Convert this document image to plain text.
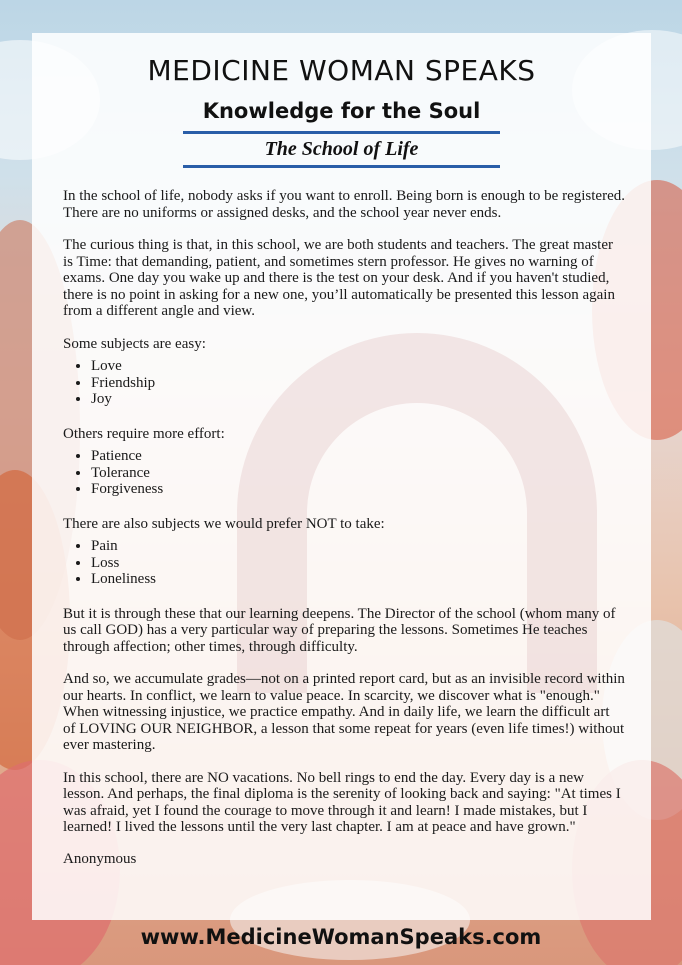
MEDICINE WOMAN SPEAKS
Knowledge for the Soul
The School of Life

In the school of life, nobody asks if you want to enroll. Being born is enough to be registered. There are no uniforms or assigned desks, and the school year never ends.

The curious thing is that, in this school, we are both students and teachers. The great master is Time: that demanding, patient, and sometimes stern professor. He gives no warning of exams. One day you wake up and there is the test on your desk. And if you haven't studied, there is no point in asking for a new one, you’ll automatically be presented this lesson again from a different angle and view.

Some subjects are easy:

• Love
• Friendship
• Joy

Others require more effort:

• Patience
• Tolerance
• Forgiveness

There are also subjects we would prefer NOT to take:

• Pain
• Loss
• Loneliness

But it is through these that our learning deepens. The Director of the school (whom many of us call GOD) has a very particular way of preparing the lessons. Sometimes He teaches through affection; other times, through difficulty.

And so, we accumulate grades—not on a printed report card, but as an invisible record within our hearts. In conflict, we learn to value peace. In scarcity, we discover what is "enough." When witnessing injustice, we practice empathy. And in daily life, we learn the difficult art of LOVING OUR NEIGHBOR, a lesson that some repeat for years (even life times!) without ever mastering.

In this school, there are NO vacations. No bell rings to end the day. Every day is a new lesson. And perhaps, the final diploma is the serenity of looking back and saying: "At times I was afraid, yet I found the courage to move through it and learn! I made mistakes, but I learned! I lived the lessons until the very last chapter. I am at peace and have grown."

Anonymous

www.MedicineWomanSpeaks.com
